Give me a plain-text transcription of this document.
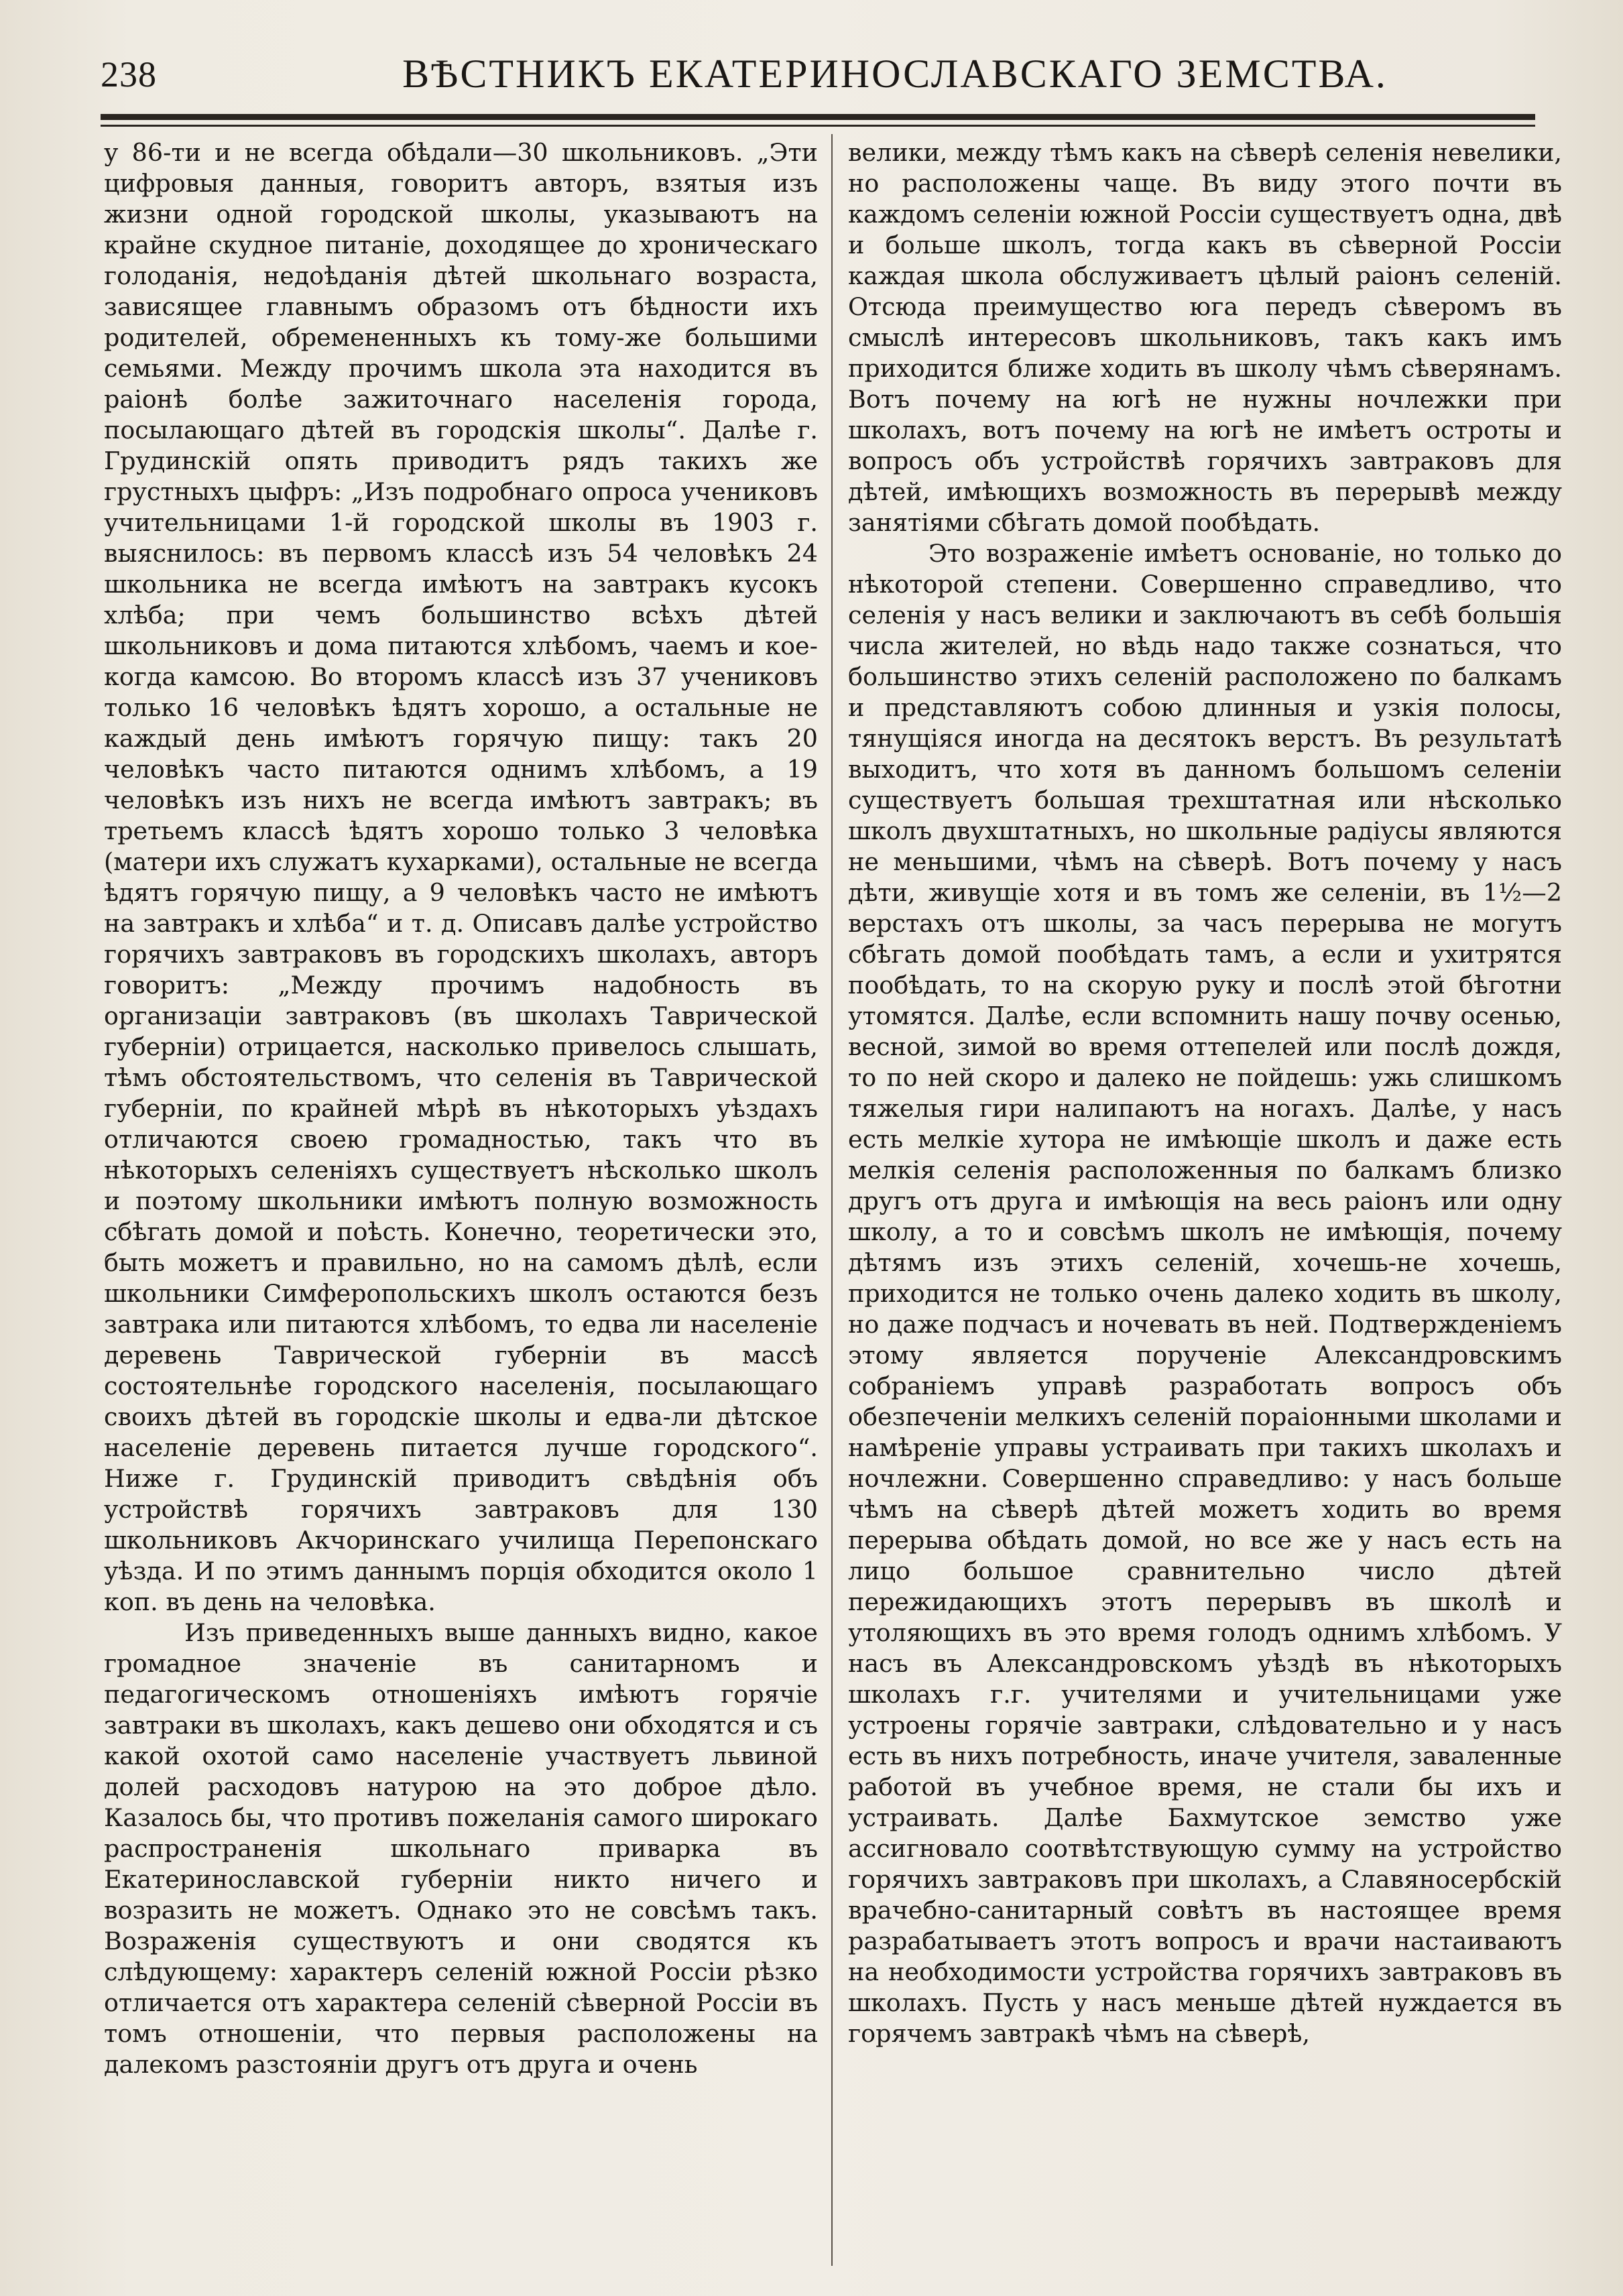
238	ВѢСТНИКЪ ЕКАТЕРИНОСЛАВСКАГО ЗЕМСТВА.

у 86-ти и не всегда обѣдали—30 школьниковъ. „Эти цифровыя данныя, говоритъ авторъ, взятыя изъ жизни одной городской школы, указываютъ на крайне скудное питаніе, доходящее до хроническаго голоданія, недоѣданія дѣтей школьнаго возраста, зависящее главнымъ образомъ отъ бѣдности ихъ родителей, обремененныхъ къ тому-же большими семьями. Между прочимъ школа эта находится въ раіонѣ болѣе зажиточнаго населенія города, посылающаго дѣтей въ городскія школы“. Далѣе г. Грудинскій опять приводитъ рядъ такихъ же грустныхъ цыфръ: „Изъ подробнаго опроса учениковъ учительницами 1-й городской школы въ 1903 г. выяснилось: въ первомъ классѣ изъ 54 человѣкъ 24 школьника не всегда имѣютъ на завтракъ кусокъ хлѣба; при чемъ большинство всѣхъ дѣтей школьниковъ и дома питаются хлѣбомъ, чаемъ и кое-когда камсою. Во второмъ классѣ изъ 37 учениковъ только 16 человѣкъ ѣдятъ хорошо, а остальные не каждый день имѣютъ горячую пищу: такъ 20 человѣкъ часто питаются однимъ хлѣбомъ, а 19 человѣкъ изъ нихъ не всегда имѣютъ завтракъ; въ третьемъ классѣ ѣдятъ хорошо только 3 человѣка (матери ихъ служатъ кухарками), остальные не всегда ѣдятъ горячую пищу, а 9 человѣкъ часто не имѣютъ на завтракъ и хлѣба“ и т. д. Описавъ далѣе устройство горячихъ завтраковъ въ городскихъ школахъ, авторъ говоритъ: „Между прочимъ надобность въ организаціи завтраковъ (въ школахъ Таврической губерніи) отрицается, насколько привелось слышать, тѣмъ обстоятельствомъ, что селенія въ Таврической губерніи, по крайней мѣрѣ въ нѣкоторыхъ уѣздахъ отличаются своею громадностью, такъ что въ нѣкоторыхъ селеніяхъ существуетъ нѣсколько школъ и поэтому школьники имѣютъ полную возможность сбѣгать домой и поѣсть. Конечно, теоретически это, быть можетъ и правильно, но на самомъ дѣлѣ, если школьники Симферопольскихъ школъ остаются безъ завтрака или питаются хлѣбомъ, то едва ли населеніе деревень Таврической губерніи въ массѣ состоятельнѣе городского населенія, посылающаго своихъ дѣтей въ городскіе школы и едва-ли дѣтское населеніе деревень питается лучше городского“. Ниже г. Грудинскій приводитъ свѣдѣнія объ устройствѣ горячихъ завтраковъ для 130 школьниковъ Акчоринскаго училища Перепонскаго уѣзда. И по этимъ даннымъ порція обходится около 1 коп. въ день на человѣка.

Изъ приведенныхъ выше данныхъ видно, какое громадное значеніе въ санитарномъ и педагогическомъ отношеніяхъ имѣютъ горячіе завтраки въ школахъ, какъ дешево они обходятся и съ какой охотой само населеніе участвуетъ львиной долей расходовъ натурою на это доброе дѣло. Казалось бы, что противъ пожеланія самого широкаго распространенія школьнаго приварка въ Екатеринославской губерніи никто ничего и возразить не можетъ. Однако это не совсѣмъ такъ. Возраженія существуютъ и они сводятся къ слѣдующему: характеръ селеній южной Россіи рѣзко отличается отъ характера селеній сѣверной Россіи въ томъ отношеніи, что первыя расположены на далекомъ разстояніи другъ отъ друга и очень

велики, между тѣмъ какъ на сѣверѣ селенія невелики, но расположены чаще. Въ виду этого почти въ каждомъ селеніи южной Россіи существуетъ одна, двѣ и больше школъ, тогда какъ въ сѣверной Россіи каждая школа обслуживаетъ цѣлый раіонъ селеній. Отсюда преимущество юга передъ сѣверомъ въ смыслѣ интересовъ школьниковъ, такъ какъ имъ приходится ближе ходить въ школу чѣмъ сѣверянамъ. Вотъ почему на югѣ не нужны ночлежки при школахъ, вотъ почему на югѣ не имѣетъ остроты и вопросъ объ устройствѣ горячихъ завтраковъ для дѣтей, имѣющихъ возможность въ перерывѣ между занятіями сбѣгать домой пообѣдать.

Это возраженіе имѣетъ основаніе, но только до нѣкоторой степени. Совершенно справедливо, что селенія у насъ велики и заключаютъ въ себѣ большія числа жителей, но вѣдь надо также сознаться, что большинство этихъ селеній расположено по балкамъ и представляютъ собою длинныя и узкія полосы, тянущіяся иногда на десятокъ верстъ. Въ результатѣ выходитъ, что хотя въ данномъ большомъ селеніи существуетъ большая трехштатная или нѣсколько школъ двухштатныхъ, но школьные радіусы являются не меньшими, чѣмъ на сѣверѣ. Вотъ почему у насъ дѣти, живущіе хотя и въ томъ же селеніи, въ 1½—2 верстахъ отъ школы, за часъ перерыва не могутъ сбѣгать домой пообѣдать тамъ, а если и ухитрятся пообѣдать, то на скорую руку и послѣ этой бѣготни утомятся. Далѣе, если вспомнить нашу почву осенью, весной, зимой во время оттепелей или послѣ дождя, то по ней скоро и далеко не пойдешь: ужь слишкомъ тяжелыя гири налипаютъ на ногахъ. Далѣе, у насъ есть мелкіе хутора не имѣющіе школъ и даже есть мелкія селенія расположенныя по балкамъ близко другъ отъ друга и имѣющія на весь раіонъ или одну школу, а то и совсѣмъ школъ не имѣющія, почему дѣтямъ изъ этихъ селеній, хочешь-не хочешь, приходится не только очень далеко ходить въ школу, но даже подчасъ и ночевать въ ней. Подтвержденіемъ этому является порученіе Александровскимъ собраніемъ управѣ разработать вопросъ объ обезпеченіи мелкихъ селеній пораіонными школами и намѣреніе управы устраивать при такихъ школахъ и ночлежни. Совершенно справедливо: у насъ больше чѣмъ на сѣверѣ дѣтей можетъ ходить во время перерыва обѣдать домой, но все же у насъ есть на лицо большое сравнительно число дѣтей пережидающихъ этотъ перерывъ въ школѣ и утоляющихъ въ это время голодъ однимъ хлѣбомъ. У насъ въ Александровскомъ уѣздѣ въ нѣкоторыхъ школахъ г.г. учителями и учительницами уже устроены горячіе завтраки, слѣдовательно и у насъ есть въ нихъ потребность, иначе учителя, заваленные работой въ учебное время, не стали бы ихъ и устраивать. Далѣе Бахмутское земство уже ассигновало соотвѣтствующую сумму на устройство горячихъ завтраковъ при школахъ, а Славяносербскій врачебно-санитарный совѣтъ въ настоящее время разрабатываетъ этотъ вопросъ и врачи настаиваютъ на необходимости устройства горячихъ завтраковъ въ школахъ. Пусть у насъ меньше дѣтей нуждается въ горячемъ завтракѣ чѣмъ на сѣверѣ,
